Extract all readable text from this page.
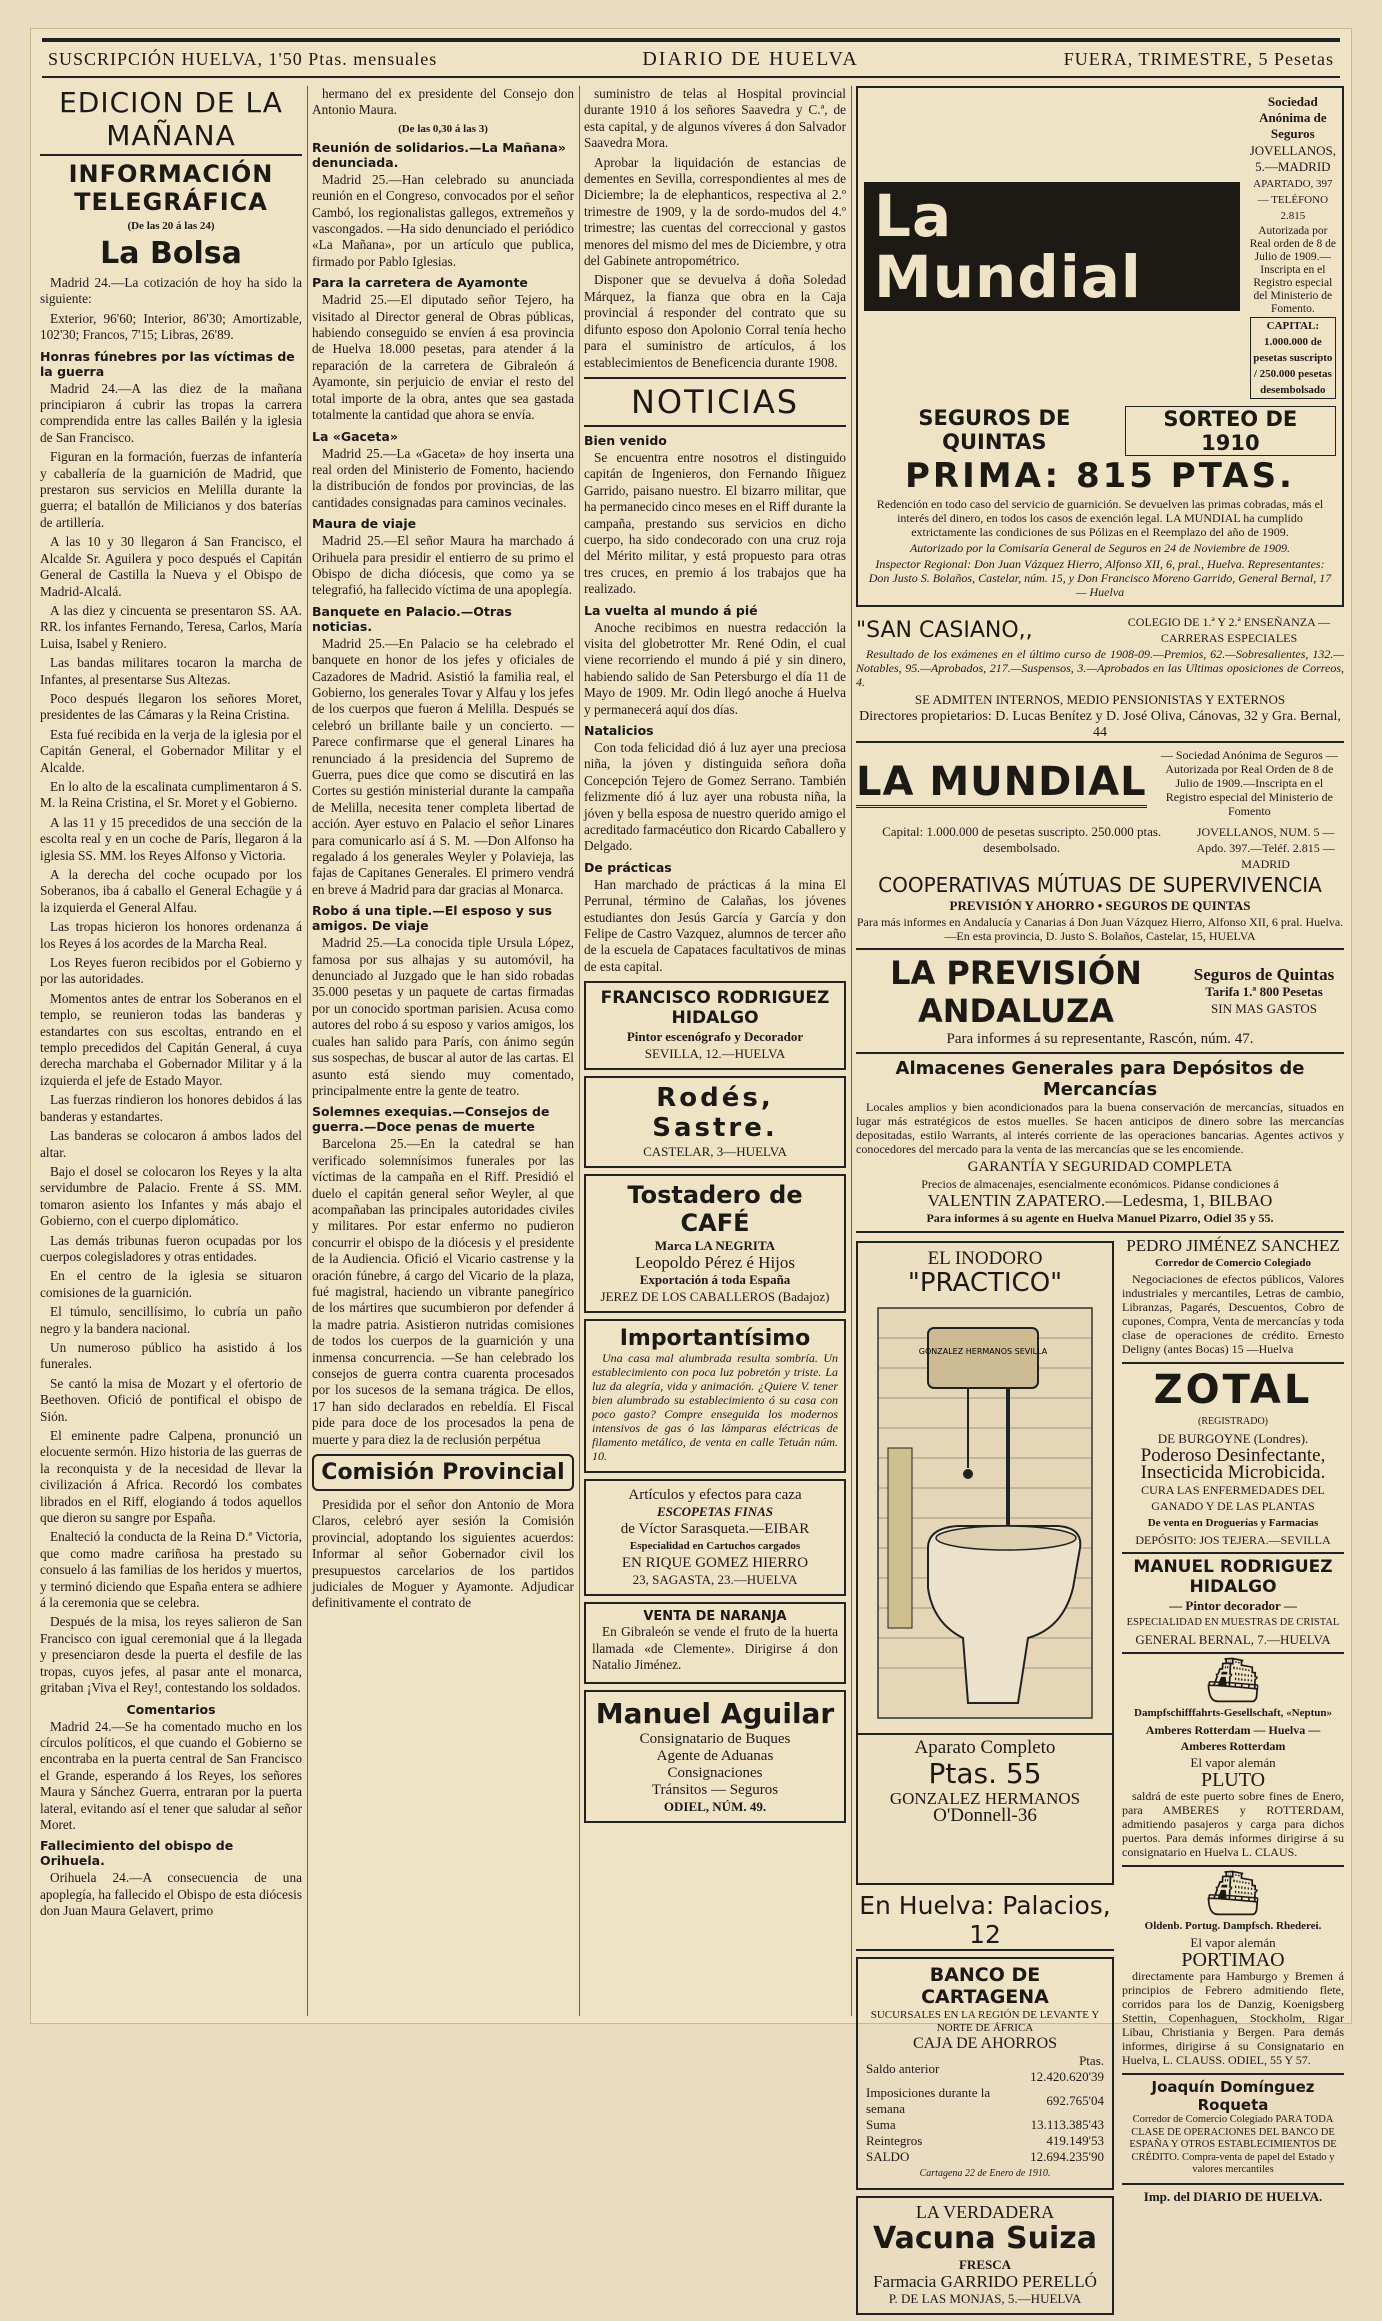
SUSCRIPCIÓN HUELVA, 1'50 Ptas. mensuales	DIARIO DE HUELVA	FUERA, TRIMESTRE, 5 Pesetas
EDICION DE LA MAÑANA
INFORMACIÓN TELEGRÁFICA
(De las 20 á las 24)
La Bolsa

Madrid 24.—La cotización de hoy ha sido la siguiente:

Exterior, 96'60; Interior, 86'30; Amortizable, 102'30; Francos, 7'15; Libras, 26'89.

Honras fúnebres por las víctimas de la guerra

Madrid 24.—A las diez de la mañana principiaron á cubrir las tropas la carrera comprendida entre las calles Bailén y la iglesia de San Francisco.

Figuran en la formación, fuerzas de infantería y caballería de la guarnición de Madrid, que prestaron sus servicios en Melilla durante la guerra; el batallón de Milicianos y dos baterías de artillería.

A las 10 y 30 llegaron á San Francisco, el Alcalde Sr. Aguilera y poco después el Capitán General de Castilla la Nueva y el Obispo de Madrid-Alcalá.

A las diez y cincuenta se presentaron SS. AA. RR. los infantes Fernando, Teresa, Carlos, María Luisa, Isabel y Reniero.

Las bandas militares tocaron la marcha de Infantes, al presentarse Sus Altezas.

Poco después llegaron los señores Moret, presidentes de las Cámaras y la Reina Cristina.

Esta fué recibida en la verja de la iglesia por el Capitán General, el Gobernador Militar y el Alcalde.

En lo alto de la escalinata cumplimentaron á S. M. la Reina Cristina, el Sr. Moret y el Gobierno.

A las 11 y 15 precedidos de una sección de la escolta real y en un coche de París, llegaron á la iglesia SS. MM. los Reyes Alfonso y Victoria.

A la derecha del coche ocupado por los Soberanos, iba á caballo el General Echagüe y á la izquierda el General Alfau.

Las tropas hicieron los honores ordenanza á los Reyes á los acordes de la Marcha Real.

Los Reyes fueron recibidos por el Gobierno y por las autoridades.

Momentos antes de entrar los Soberanos en el templo, se reunieron todas las banderas y estandartes con sus escoltas, entrando en el templo precedidos del Capitán General, á cuya derecha marchaba el Gobernador Militar y á la izquierda el jefe de Estado Mayor.

Las fuerzas rindieron los honores debidos á las banderas y estandartes.

Las banderas se colocaron á ambos lados del altar.

Bajo el dosel se colocaron los Reyes y la alta servidumbre de Palacio. Frente á SS. MM. tomaron asiento los Infantes y más abajo el Gobierno, con el cuerpo diplomático.

Las demás tribunas fueron ocupadas por los cuerpos colegisladores y otras entidades.

En el centro de la iglesia se situaron comisiones de la guarnición.

El túmulo, sencillísimo, lo cubría un paño negro y la bandera nacional.

Un numeroso público ha asistido á los funerales.

Se cantó la misa de Mozart y el ofertorio de Beethoven. Ofició de pontifical el obispo de Sión.

El eminente padre Calpena, pronunció un elocuente sermón. Hizo historia de las guerras de la reconquista y de la necesidad de llevar la civilización á Africa. Recordó los combates librados en el Riff, elogiando á todos aquellos que dieron su sangre por España.

Enalteció la conducta de la Reina D.ª Victoria, que como madre cariñosa ha prestado su consuelo á las familias de los heridos y muertos, y terminó diciendo que España entera se adhiere á la ceremonia que se celebra.

Después de la misa, los reyes salieron de San Francisco con igual ceremonial que á la llegada y presenciaron desde la puerta el desfile de las tropas, cuyos jefes, al pasar ante el monarca, gritaban ¡Viva el Rey!, contestando los soldados.

Comentarios

Madrid 24.—Se ha comentado mucho en los círculos políticos, el que cuando el Gobierno se encontraba en la puerta central de San Francisco el Grande, esperando á los Reyes, los señores Maura y Sánchez Guerra, entraran por la puerta lateral, evitando así el tener que saludar al señor Moret.

Fallecimiento del obispo de Orihuela.

Orihuela 24.—A consecuencia de una apoplegía, ha fallecido el Obispo de esta diócesis don Juan Maura Gelavert, primo

hermano del ex presidente del Consejo don Antonio Maura.

(De las 0,30 á las 3)
Reunión de solidarios.—La Mañana» denunciada.

Madrid 25.—Han celebrado su anunciada reunión en el Congreso, convocados por el señor Cambó, los regionalistas gallegos, extremeños y vascongados. —Ha sido denunciado el periódico «La Mañana», por un artículo que publica, firmado por Pablo Iglesias.

Para la carretera de Ayamonte

Madrid 25.—El diputado señor Tejero, ha visitado al Director general de Obras públicas, habiendo conseguido se envíen á esa provincia de Huelva 18.000 pesetas, para atender á la reparación de la carretera de Gibraleón á Ayamonte, sin perjuicio de enviar el resto del total importe de la obra, antes que sea gastada totalmente la cantidad que ahora se envía.

La «Gaceta»

Madrid 25.—La «Gaceta» de hoy inserta una real orden del Ministerio de Fomento, haciendo la distribución de fondos por provincias, de las cantidades consignadas para caminos vecinales.

Maura de viaje

Madrid 25.—El señor Maura ha marchado á Orihuela para presidir el entierro de su primo el Obispo de dicha diócesis, que como ya se telegrafió, ha fallecido víctima de una apoplegía.

Banquete en Palacio.—Otras noticias.

Madrid 25.—En Palacio se ha celebrado el banquete en honor de los jefes y oficiales de Cazadores de Madrid. Asistió la familia real, el Gobierno, los generales Tovar y Alfau y los jefes de los cuerpos que fueron á Melilla. Después se celebró un brillante baile y un concierto. —Parece confirmarse que el general Linares ha renunciado á la presidencia del Supremo de Guerra, pues dice que como se discutirá en las Cortes su gestión ministerial durante la campaña de Melilla, necesita tener completa libertad de acción. Ayer estuvo en Palacio el señor Linares para comunicarlo así á S. M. —Don Alfonso ha regalado á los generales Weyler y Polavieja, las fajas de Capitanes Generales. El primero vendrá en breve á Madrid para dar gracias al Monarca.

Robo á una tiple.—El esposo y sus amigos. De viaje

Madrid 25.—La conocida tiple Ursula López, famosa por sus alhajas y su automóvil, ha denunciado al Juzgado que le han sido robadas 35.000 pesetas y un paquete de cartas firmadas por un conocido sportman parisien. Acusa como autores del robo á su esposo y varios amigos, los cuales han salido para París, con ánimo según sus sospechas, de buscar al autor de las cartas. El asunto está siendo muy comentado, principalmente entre la gente de teatro.

Solemnes exequias.—Consejos de guerra.—Doce penas de muerte

Barcelona 25.—En la catedral se han verificado solemnísimos funerales por las víctimas de la campaña en el Riff. Presidió el duelo el capitán general señor Weyler, al que acompañaban las principales autoridades civiles y militares. Por estar enfermo no pudieron concurrir el obispo de la diócesis y el presidente de la Audiencia. Ofició el Vicario castrense y la oración fúnebre, á cargo del Vicario de la plaza, fué magistral, haciendo un vibrante panegírico de los mártires que sucumbieron por defender á la madre patria. Asistieron nutridas comisiones de todos los cuerpos de la guarnición y una inmensa concurrencia. —Se han celebrado los consejos de guerra contra cuarenta procesados por los sucesos de la semana trágica. De ellos, 17 han sido declarados en rebeldía. El Fiscal pide para doce de los procesados la pena de muerte y para diez la de reclusión perpétua

Comisión Provincial

Presidida por el señor don Antonio de Mora Claros, celebró ayer sesión la Comisión provincial, adoptando los siguientes acuerdos: Informar al señor Gobernador civil los presupuestos carcelarios de los partidos judiciales de Moguer y Ayamonte. Adjudicar definitivamente el contrato de

suministro de telas al Hospital provincial durante 1910 á los señores Saavedra y C.ª, de esta capital, y de algunos víveres á don Salvador Saavedra Mora.

Aprobar la liquidación de estancias de dementes en Sevilla, correspondientes al mes de Diciembre; la de elephanticos, respectiva al 2.º trimestre de 1909, y la de sordo-mudos del 4.º trimestre; las cuentas del correccional y gastos menores del mismo del mes de Diciembre, y otra del Gabinete antropométrico.

Disponer que se devuelva á doña Soledad Márquez, la fianza que obra en la Caja provincial á responder del contrato que su difunto esposo don Apolonio Corral tenía hecho para el suministro de artículos, á los establecimientos de Beneficencia durante 1908.

NOTICIAS
Bien venido

Se encuentra entre nosotros el distinguido capitán de Ingenieros, don Fernando Iñiguez Garrido, paisano nuestro. El bizarro militar, que ha permanecido cinco meses en el Riff durante la campaña, prestando sus servicios en dicho cuerpo, ha sido condecorado con una cruz roja del Mérito militar, y está propuesto para otras tres cruces, en premio á los trabajos que ha realizado.

La vuelta al mundo á pié

Anoche recibimos en nuestra redacción la visita del globetrotter Mr. René Odin, el cual viene recorriendo el mundo á pié y sin dinero, habiendo salido de San Petersburgo el día 11 de Mayo de 1909. Mr. Odin llegó anoche á Huelva y permanecerá aquí dos días.

Natalicios

Con toda felicidad dió á luz ayer una preciosa niña, la jóven y distinguida señora doña Concepción Tejero de Gomez Serrano. También felizmente dió á luz ayer una robusta niña, la jóven y bella esposa de nuestro querido amigo el acreditado farmacéutico don Ricardo Caballero y Delgado.

De prácticas

Han marchado de prácticas á la mina El Perrunal, término de Calañas, los jóvenes estudiantes don Jesús García y García y don Felipe de Castro Vazquez, alumnos de tercer año de la escuela de Capataces facultativos de minas de esta capital.

FRANCISCO RODRIGUEZ HIDALGO
Pintor escenógrafo y Decorador
SEVILLA, 12.—HUELVA
Rodés, Sastre.
CASTELAR, 3—HUELVA
Tostadero de CAFÉ
Marca LA NEGRITA
Leopoldo Pérez é Hijos
Exportación á toda España
JEREZ DE LOS CABALLEROS (Badajoz)
Importantísimo

Una casa mal alumbrada resulta sombría. Un establecimiento con poca luz pobretón y triste. La luz da alegría, vida y animación. ¿Quiere V. tener bien alumbrado su establecimiento ó su casa con poco gasto? Compre enseguida los modernos intensivos de gas ó las lámparas eléctricas de filamento metálico, de venta en calle Tetuán núm. 10.

Artículos y efectos para caza
ESCOPETAS FINAS
de Víctor Sarasqueta.—EIBAR
Especialidad en Cartuchos cargados
EN RIQUE GOMEZ HIERRO
23, SAGASTA, 23.—HUELVA
VENTA DE NARANJA

En Gibraleón se vende el fruto de la huerta llamada «de Clemente». Dirigirse á don Natalio Jiménez.

Manuel Aguilar
Consignatario de Buques
Agente de Aduanas
Consignaciones
Tránsitos — Seguros
ODIEL, NÚM. 49.
La Mundial
Sociedad Anónima de Seguros
JOVELLANOS, 5.—MADRID
APARTADO, 397 — TELÉFONO 2.815
Autorizada por Real orden de 8 de Julio de 1909.—Inscripta en el Registro especial del Ministerio de Fomento.
CAPITAL: 1.000.000 de pesetas suscripto / 250.000 pesetas desembolsado
SEGUROS DE QUINTAS
SORTEO DE 1910
PRIMA: 815 PTAS.
Redención en todo caso del servicio de guarnición. Se devuelven las primas cobradas, más el interés del dinero, en todos los casos de exención legal. LA MUNDIAL ha cumplido extrictamente las condiciones de sus Pólizas en el Reemplazo del año de 1909.
Autorizado por la Comisaría General de Seguros en 24 de Noviembre de 1909.
Inspector Regional: Don Juan Vázquez Hierro, Alfonso XII, 6, pral., Huelva. Representantes: Don Justo S. Bolaños, Castelar, núm. 15, y Don Francisco Moreno Garrido, General Bernal, 17 — Huelva
"SAN CASIANO,,	COLEGIO DE 1.ª Y 2.ª ENSEÑANZA — CARRERAS ESPECIALES

Resultado de los exámenes en el último curso de 1908-09.—Premios, 62.—Sobresalientes, 132.—Notables, 95.—Aprobados, 217.—Suspensos, 3.—Aprobados en las Ultimas oposiciones de Correos, 4.

SE ADMITEN INTERNOS, MEDIO PENSIONISTAS Y EXTERNOS
Directores propietarios: D. Lucas Benítez y D. José Oliva, Cánovas, 32 y Gra. Bernal, 44
LA MUNDIAL
— Sociedad Anónima de Seguros — Autorizada por Real Orden de 8 de Julio de 1909.—Inscripta en el Registro especial del Ministerio de Fomento
Capital: 1.000.000 de pesetas suscripto. 250.000 ptas. desembolsado.
JOVELLANOS, NUM. 5 — Apdo. 397.—Teléf. 2.815 — MADRID
COOPERATIVAS MÚTUAS DE SUPERVIVENCIA
PREVISIÓN Y AHORRO • SEGUROS DE QUINTAS
Para más informes en Andalucía y Canarias á Don Juan Vázquez Hierro, Alfonso XII, 6 pral. Huelva.—En esta provincia, D. Justo S. Bolaños, Castelar, 15, HUELVA
LA PREVISIÓN ANDALUZA
Seguros de Quintas
Tarifa 1.ª 800 Pesetas
SIN MAS GASTOS
Para informes á su representante, Rascón, núm. 47.
Almacenes Generales para Depósitos de Mercancías

Locales amplios y bien acondicionados para la buena conservación de mercancías, situados en lugar más estratégicos de estos muelles. Se hacen anticipos de dinero sobre las mercancías depositadas, estilo Warrants, al interés corriente de las operaciones bancarias. Agentes activos y conocedores del mercado para la venta de las mercancías que se les encomiende.

GARANTÍA Y SEGURIDAD COMPLETA
Precios de almacenajes, esencialmente económicos. Pidanse condiciones á
VALENTIN ZAPATERO.—Ledesma, 1, BILBAO
Para informes á su agente en Huelva Manuel Pizarro, Odiel 35 y 55.
EL INODORO
"PRACTICO"
GONZALEZ HERMANOS SEVILLA
Aparato Completo
Ptas. 55
GONZALEZ HERMANOS
O'Donnell-36
En Huelva: Palacios, 12
BANCO DE CARTAGENA
SUCURSALES EN LA REGIÓN DE LEVANTE Y NORTE DE ÁFRICA
CAJA DE AHORROS
Saldo anterior	Ptas. 12.420.620'39
Imposiciones durante la semana	692.765'04
Suma	13.113.385'43
Reintegros	419.149'53
SALDO	12.694.235'90
Cartagena 22 de Enero de 1910.
LA VERDADERA
Vacuna Suiza
FRESCA
Farmacia GARRIDO PERELLÓ
P. DE LAS MONJAS, 5.—HUELVA
PEDRO JIMÉNEZ SANCHEZ
Corredor de Comercio Colegiado

Negociaciones de efectos públicos, Valores industriales y mercantiles, Letras de cambio, Libranzas, Pagarés, Descuentos, Cobro de cupones, Compra, Venta de mercancías y toda clase de operaciones de crédito. Ernesto Deligny (antes Bocas) 15 —Huelva

ZOTAL
(REGISTRADO)
DE BURGOYNE (Londres).
Poderoso Desinfectante,
Insecticida Microbicida.
CURA LAS ENFERMEDADES DEL GANADO Y DE LAS PLANTAS
De venta en Droguerías y Farmacias
DEPÓSITO: JOS TEJERA.—SEVILLA
MANUEL RODRIGUEZ HIDALGO
— Pintor decorador —
ESPECIALIDAD EN MUESTRAS DE CRISTAL
GENERAL BERNAL, 7.—HUELVA
⛴
Dampfschifffahrts-Gesellschaft, «Neptun»
Amberes Rotterdam — Huelva — Amberes Rotterdam
El vapor alemán
PLUTO

saldrá de este puerto sobre fines de Enero, para AMBERES y ROTTERDAM, admitiendo pasajeros y carga para dichos puertos. Para demás informes dirigirse á su consignatario en Huelva L. CLAUS.

⛴
Oldenb. Portug. Dampfsch. Rhederei.
El vapor alemán
PORTIMAO

directamente para Hamburgo y Bremen á principios de Febrero admitiendo flete, corridos para los de Danzig, Koenigsberg Stettin, Copenhaguen, Stockholm, Rigar Libau, Christiania y Bergen. Para demás informes, dirigirse á su Consignatario en Huelva, L. CLAUSS. ODIEL, 55 Y 57.

Joaquín Domínguez Roqueta

Corredor de Comercio Colegiado PARA TODA CLASE DE OPERACIONES DEL BANCO DE ESPAÑA Y OTROS ESTABLECIMIENTOS DE CRÉDITO. Compra-venta de papel del Estado y valores mercantiles

Imp. del DIARIO DE HUELVA.
